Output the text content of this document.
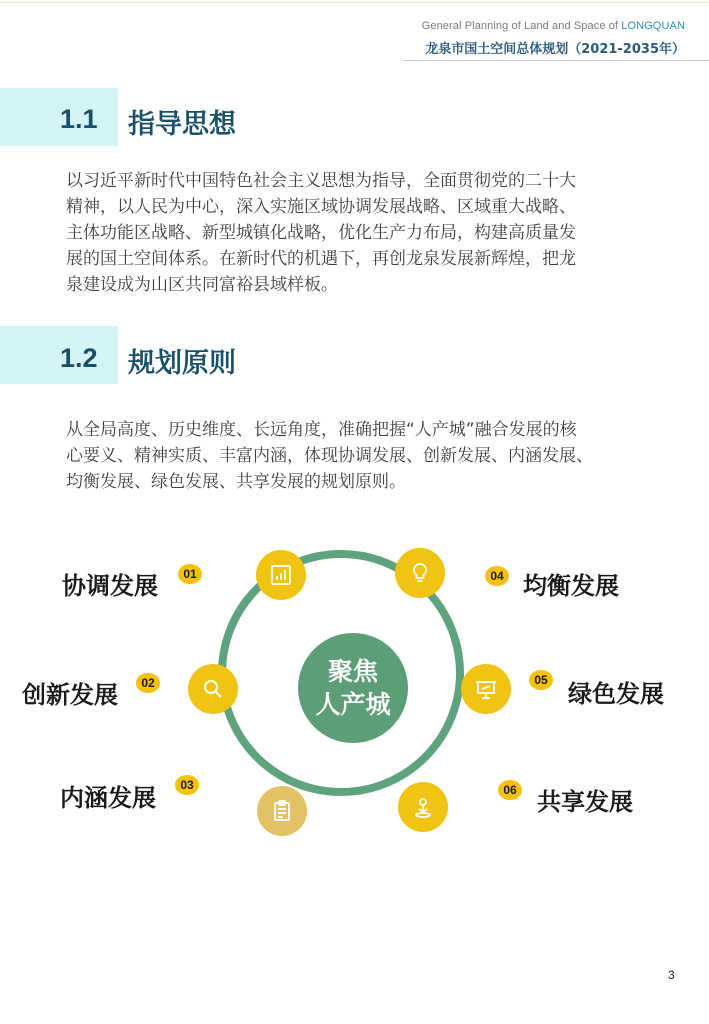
General Planning of Land and Space of LONGQUAN
龙泉市国土空间总体规划（2021-2035年）
1.1 指导思想
以习近平新时代中国特色社会主义思想为指导，全面贯彻党的二十大
精神，以人民为中心，深入实施区域协调发展战略、区域重大战略、
主体功能区战略、新型城镇化战略，优化生产力布局，构建高质量发
展的国土空间体系。在新时代的机遇下，再创龙泉发展新辉煌，把龙
泉建设成为山区共同富裕县域样板。
1.2 规划原则
从全局高度、历史维度、长远角度，准确把握“人产城”融合发展的核
心要义、精神实质、丰富内涵，体现协调发展、创新发展、内涵发展、
均衡发展、绿色发展、共享发展的规划原则。
聚焦
人产城
协调发展	01
创新发展	02
内涵发展	03
04 均衡发展
05 绿色发展
06 共享发展
3
